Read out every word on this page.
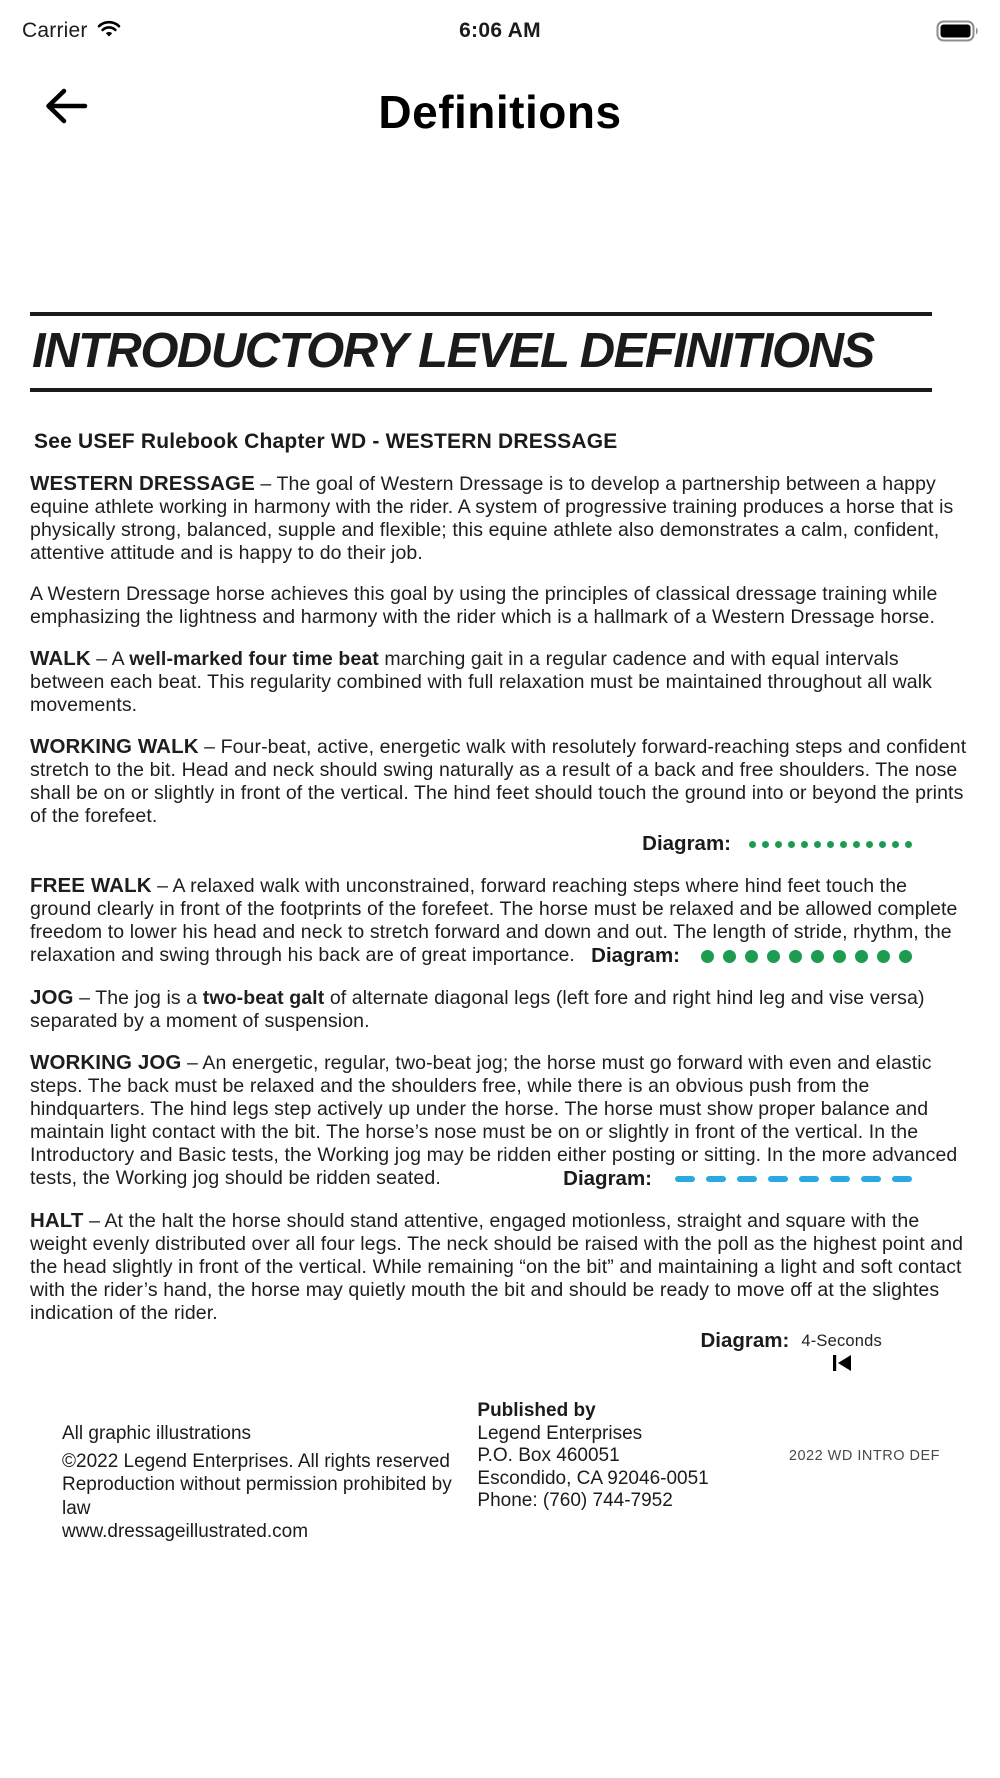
Carrier	6:06 AM
Definitions
INTRODUCTORY LEVEL DEFINITIONS
See USEF Rulebook Chapter WD - WESTERN DRESSAGE

WESTERN DRESSAGE – The goal of Western Dressage is to develop a partnership between a happy equine athlete working in harmony with the rider. A system of progressive training produces a horse that is physically strong, balanced, supple and flexible; this equine athlete also demonstrates a calm, confident, attentive attitude and is happy to do their job.

A Western Dressage horse achieves this goal by using the principles of classical dressage training while emphasizing the lightness and harmony with the rider which is a hallmark of a Western Dressage horse.

WALK – A well-marked four time beat marching gait in a regular cadence and with equal intervals between each beat. This regularity combined with full relaxation must be maintained throughout all walk movements.

WORKING WALK – Four-beat, active, energetic walk with resolutely forward-reaching steps and confident stretch to the bit. Head and neck should swing naturally as a result of a back and free shoulders. The nose shall be on or slightly in front of the vertical. The hind feet should touch the ground into or beyond the prints of the forefeet.

Diagram:

FREE WALK – A relaxed walk with unconstrained, forward reaching steps where hind feet touch the ground clearly in front of the footprints of the forefeet. The horse must be relaxed and be allowed complete freedom to lower his head and neck to stretch forward and down and out. The length of stride, rhythm, the relaxation and swing through his back are of great importance. Diagram:

JOG – The jog is a two-beat galt of alternate diagonal legs (left fore and right hind leg and vise versa) separated by a moment of suspension.

WORKING JOG – An energetic, regular, two-beat jog; the horse must go forward with even and elastic steps. The back must be relaxed and the shoulders free, while there is an obvious push from the hindquarters. The hind legs step actively up under the horse. The horse must show proper balance and maintain light contact with the bit. The horse’s nose must be on or slightly in front of the vertical. In the Introductory and Basic tests, the Working jog may be ridden either posting or sitting. In the more advanced tests, the Working jog should be ridden seated.	Diagram:

HALT – At the halt the horse should stand attentive, engaged motionless, straight and square with the weight evenly distributed over all four legs. The neck should be raised with the poll as the highest point and the head slightly in front of the vertical. While remaining “on the bit” and maintaining a light and soft contact with the rider’s hand, the horse may quietly mouth the bit and should be ready to move off at the slightes indication of the rider.

Diagram: 4-Seconds
All graphic illustrations
©2022 Legend Enterprises. All rights reserved
Reproduction without permission prohibited by law
www.dressageillustrated.com
Published by
Legend Enterprises
P.O. Box 460051
Escondido, CA 92046-0051
Phone: (760) 744-7952
2022 WD INTRO DEF
